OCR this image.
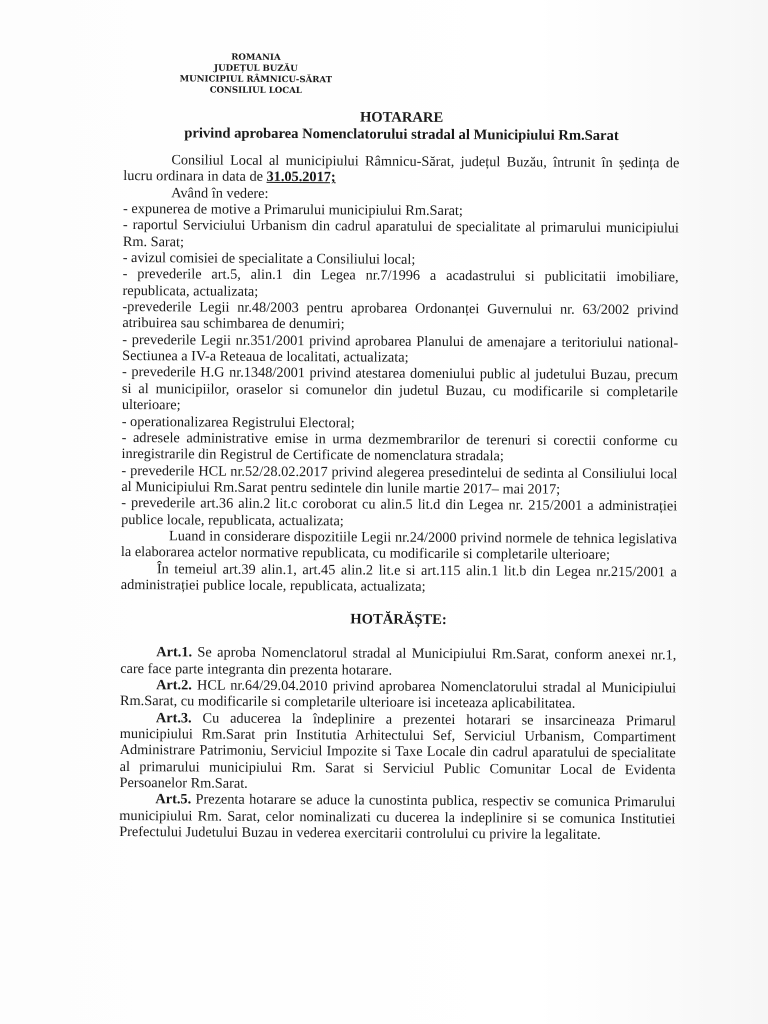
ROMANIA
JUDEȚUL BUZĂU
MUNICIPIUL RÂMNICU-SĂRAT
CONSILIUL LOCAL
HOTARARE
privind aprobarea Nomenclatorului stradal al Municipiului Rm.Sarat

Consiliul Local al municipiului Râmnicu-Sărat, județul Buzău, întrunit în ședința de lucru ordinara in data de 31.05.2017;

Având în vedere:

- expunerea de motive a Primarului municipiului Rm.Sarat;

- raportul Serviciului Urbanism din cadrul aparatului de specialitate al primarului municipiului Rm. Sarat;

- avizul comisiei de specialitate a Consiliului local;

- prevederile art.5, alin.1 din Legea nr.7/1996 a acadastrului si publicitatii imobiliare, republicata, actualizata;

-prevederile Legii nr.48/2003 pentru aprobarea Ordonanței Guvernului nr. 63/2002 privind atribuirea sau schimbarea de denumiri;

- prevederile Legii nr.351/2001 privind aprobarea Planului de amenajare a teritoriului national-Sectiunea a IV-a Reteaua de localitati, actualizata;

- prevederile H.G nr.1348/2001 privind atestarea domeniului public al judetului Buzau, precum si al municipiilor, oraselor si comunelor din judetul Buzau, cu modificarile si completarile ulterioare;

- operationalizarea Registrului Electoral;

- adresele administrative emise in urma dezmembrarilor de terenuri si corectii conforme cu inregistrarile din Registrul de Certificate de nomenclatura stradala;

- prevederile HCL nr.52/28.02.2017 privind alegerea presedintelui de sedinta al Consiliului local al Municipiului Rm.Sarat pentru sedintele din lunile martie 2017– mai 2017;

- prevederile art.36 alin.2 lit.c coroborat cu alin.5 lit.d din Legea nr. 215/2001 a administrației publice locale, republicata, actualizata;

Luand in considerare dispozitiile Legii nr.24/2000 privind normele de tehnica legislativa la elaborarea actelor normative republicata, cu modificarile si completarile ulterioare;

În temeiul art.39 alin.1, art.45 alin.2 lit.e si art.115 alin.1 lit.b din Legea nr.215/2001 a administrației publice locale, republicata, actualizata;

HOTĂRĂȘTE:

Art.1. Se aproba Nomenclatorul stradal al Municipiului Rm.Sarat, conform anexei nr.1, care face parte integranta din prezenta hotarare.

Art.2. HCL nr.64/29.04.2010 privind aprobarea Nomenclatorului stradal al Municipiului Rm.Sarat, cu modificarile si completarile ulterioare isi inceteaza aplicabilitatea.

Art.3. Cu aducerea la îndeplinire a prezentei hotarari se insarcineaza Primarul municipiului Rm.Sarat prin Institutia Arhitectului Sef, Serviciul Urbanism, Compartiment Administrare Patrimoniu, Serviciul Impozite si Taxe Locale din cadrul aparatului de specialitate al primarului municipiului Rm. Sarat si Serviciul Public Comunitar Local de Evidenta Persoanelor Rm.Sarat.

Art.5. Prezenta hotarare se aduce la cunostinta publica, respectiv se comunica Primarului municipiului Rm. Sarat, celor nominalizati cu ducerea la indeplinire si se comunica Institutiei Prefectului Judetului Buzau in vederea exercitarii controlului cu privire la legalitate.
